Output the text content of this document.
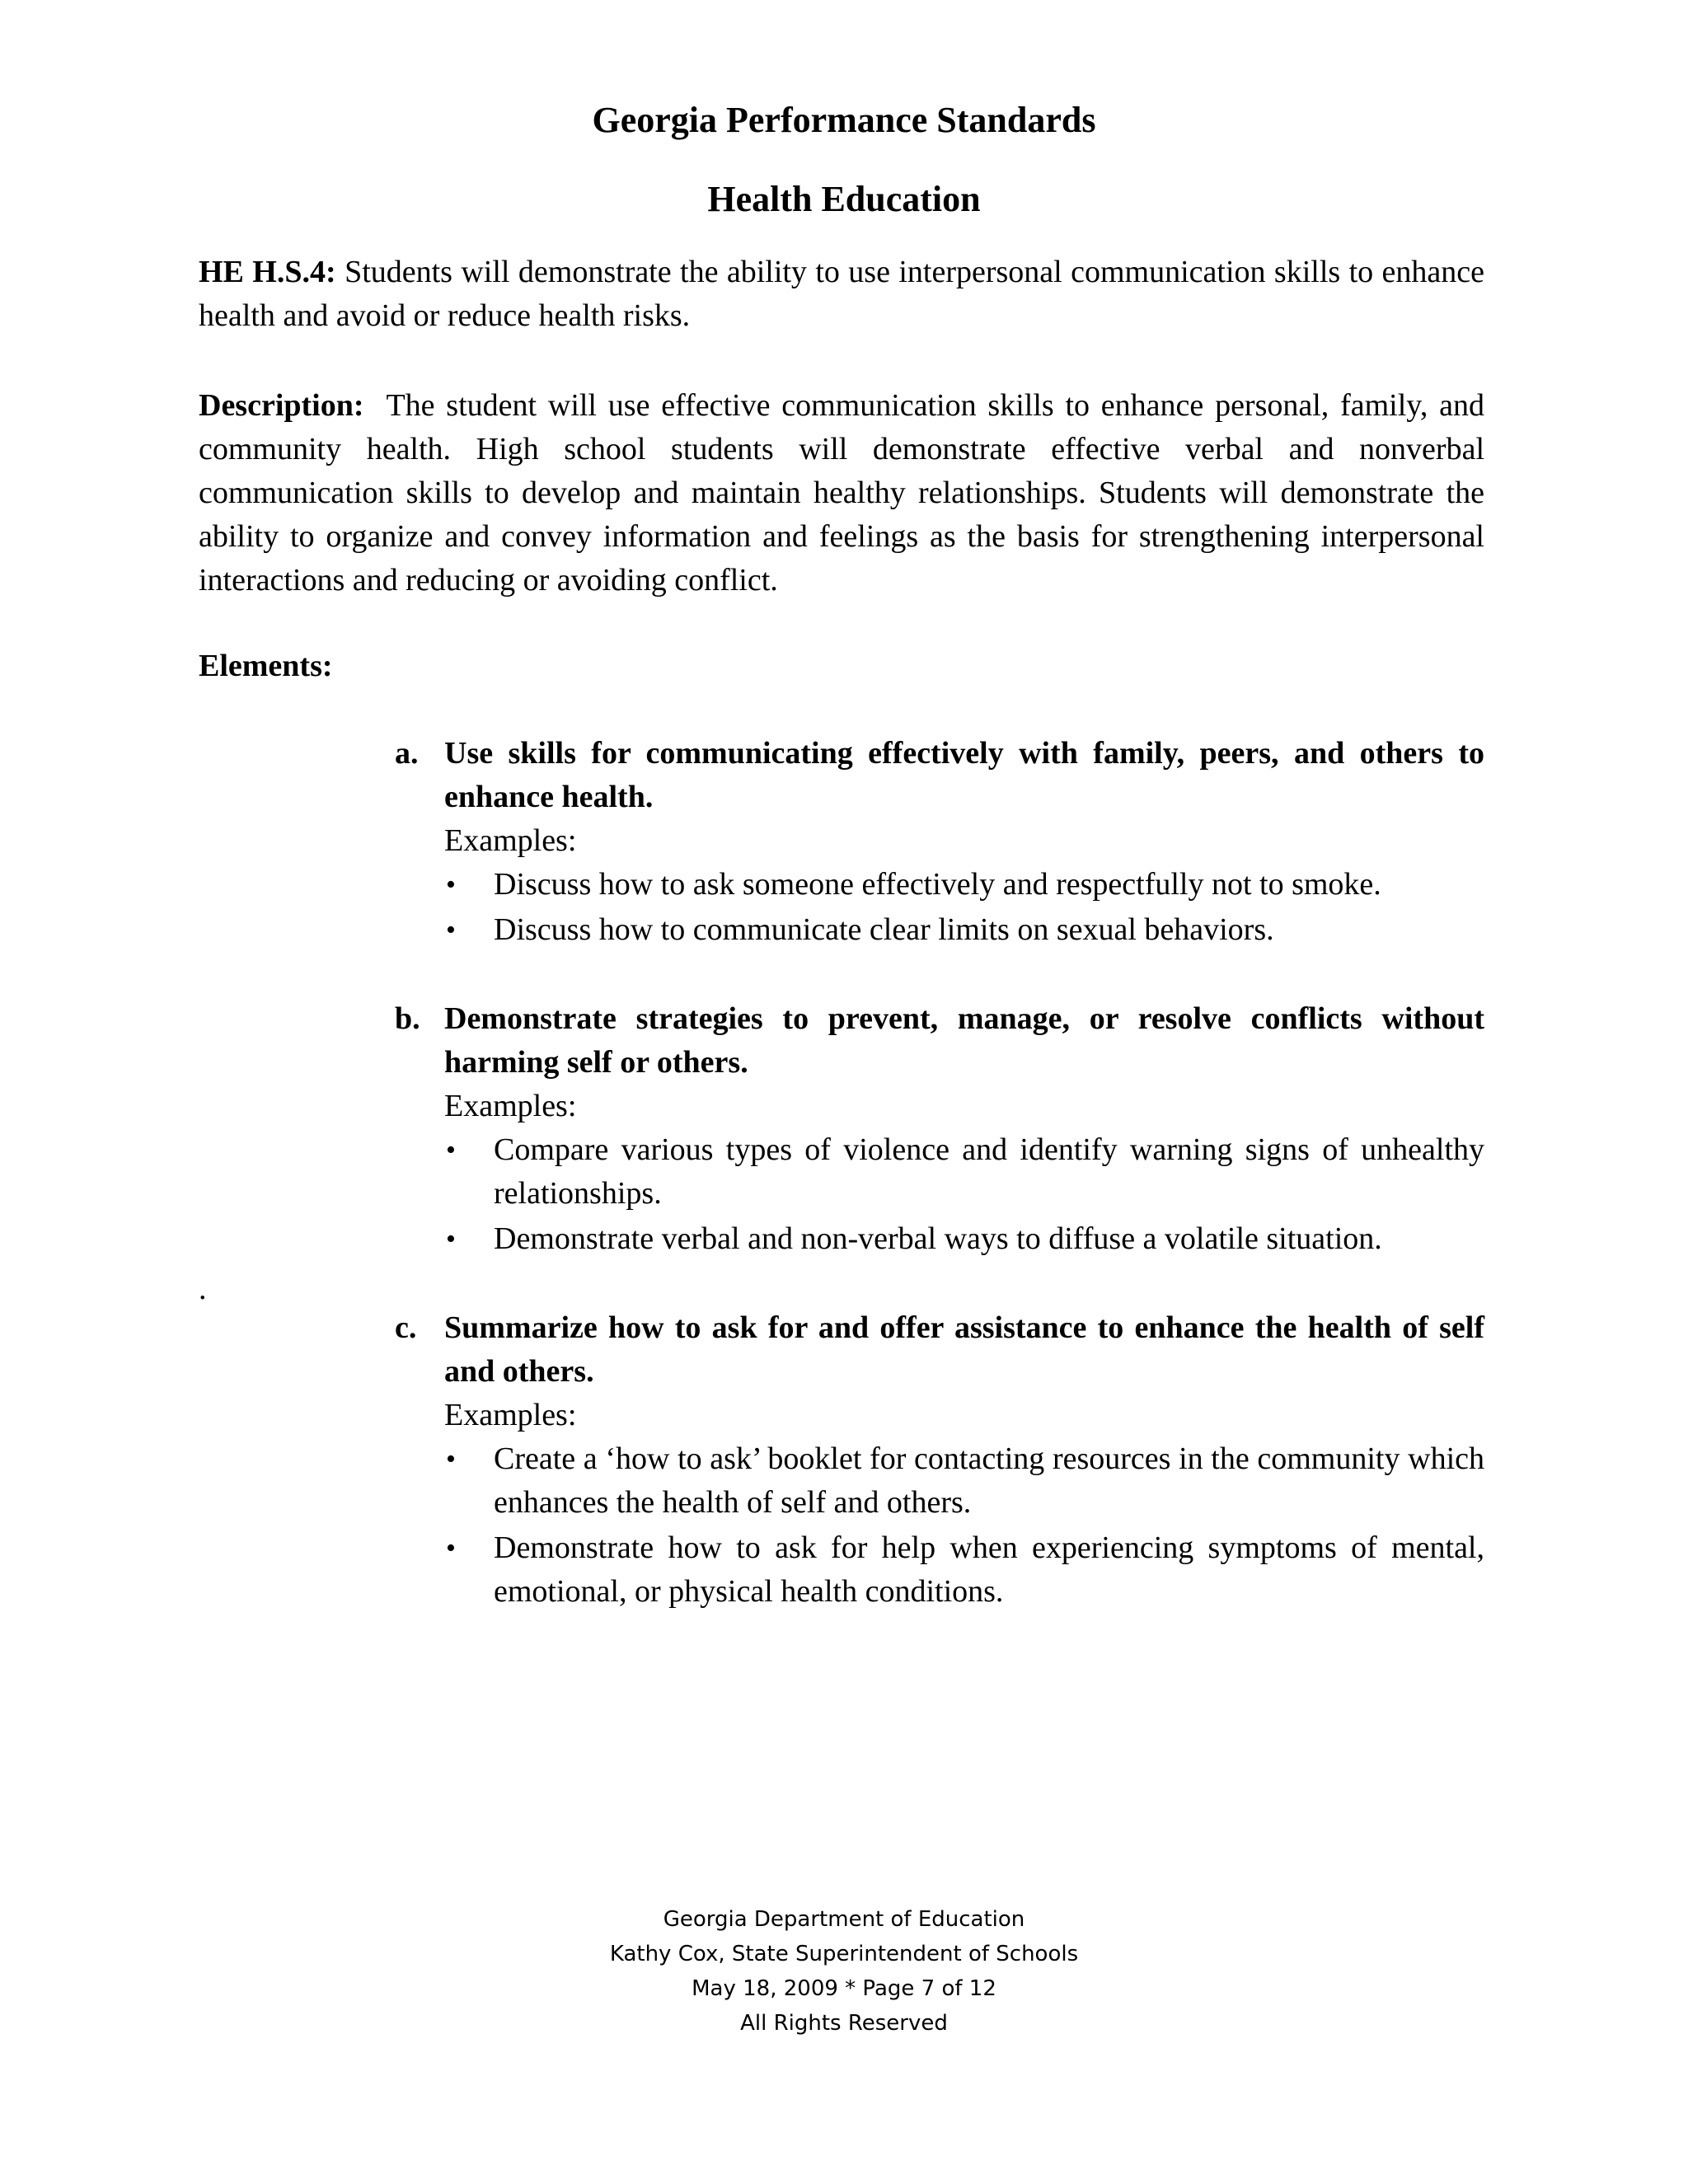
Georgia Performance Standards
Health Education
HE H.S.4: Students will demonstrate the ability to use interpersonal communication skills to enhance health and avoid or reduce health risks.
Description: The student will use effective communication skills to enhance personal, family, and community health. High school students will demonstrate effective verbal and nonverbal communication skills to develop and maintain healthy relationships. Students will demonstrate the ability to organize and convey information and feelings as the basis for strengthening interpersonal interactions and reducing or avoiding conflict.
Elements:
a. Use skills for communicating effectively with family, peers, and others to enhance health.
Examples:
• Discuss how to ask someone effectively and respectfully not to smoke.
• Discuss how to communicate clear limits on sexual behaviors.
b. Demonstrate strategies to prevent, manage, or resolve conflicts without harming self or others.
Examples:
• Compare various types of violence and identify warning signs of unhealthy relationships.
• Demonstrate verbal and non-verbal ways to diffuse a volatile situation.
.
c. Summarize how to ask for and offer assistance to enhance the health of self and others.
Examples:
• Create a ‘how to ask’ booklet for contacting resources in the community which enhances the health of self and others.
• Demonstrate how to ask for help when experiencing symptoms of mental, emotional, or physical health conditions.
Georgia Department of Education
Kathy Cox, State Superintendent of Schools
May 18, 2009 * Page 7 of 12
All Rights Reserved
